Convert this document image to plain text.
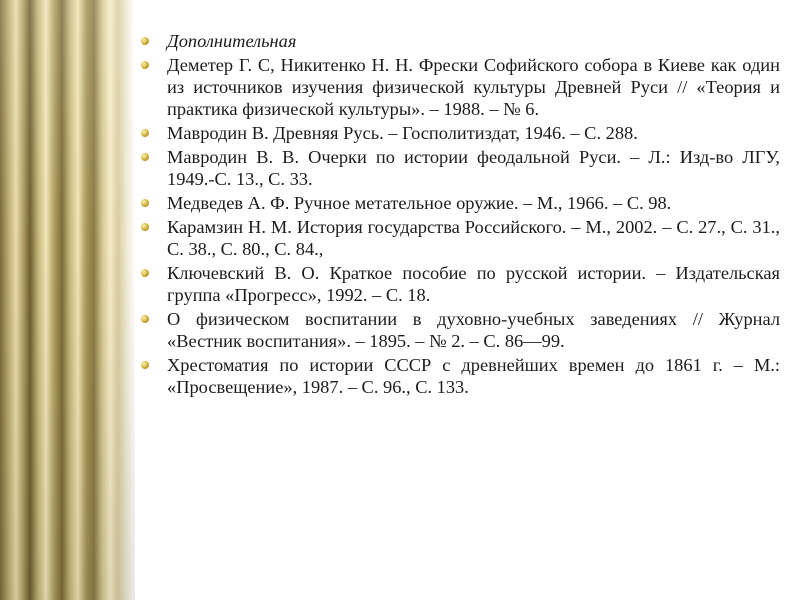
Дополнительная
Деметер Г. С, Никитенко Н. Н. Фрески Софийского собора в Киеве как один из источников изучения физической культуры Древней Руси // «Теория и практика физической культуры». – 1988. – № 6.
Мавродин В. Древняя Русь. – Госполитиздат, 1946. – С. 288.
Мавродин В. В. Очерки по истории феодальной Руси. – Л.: Изд-во ЛГУ, 1949.-С. 13., С. 33.
Медведев А. Ф. Ручное метательное оружие. – М., 1966. – С. 98.
Карамзин Н. М. История государства Российского. – М., 2002. – С. 27., С. 31., С. 38., С. 80., С. 84.,
Ключевский В. О. Краткое пособие по русской истории. – Издательская группа «Прогресс», 1992. – С. 18.
О физическом воспитании в духовно-учебных заведениях // Журнал «Вестник воспитания». – 1895. – № 2. – С. 86—99.
Хрестоматия по истории СССР с древнейших времен до 1861 г. – М.: «Просвещение», 1987. – С. 96., С. 133.
